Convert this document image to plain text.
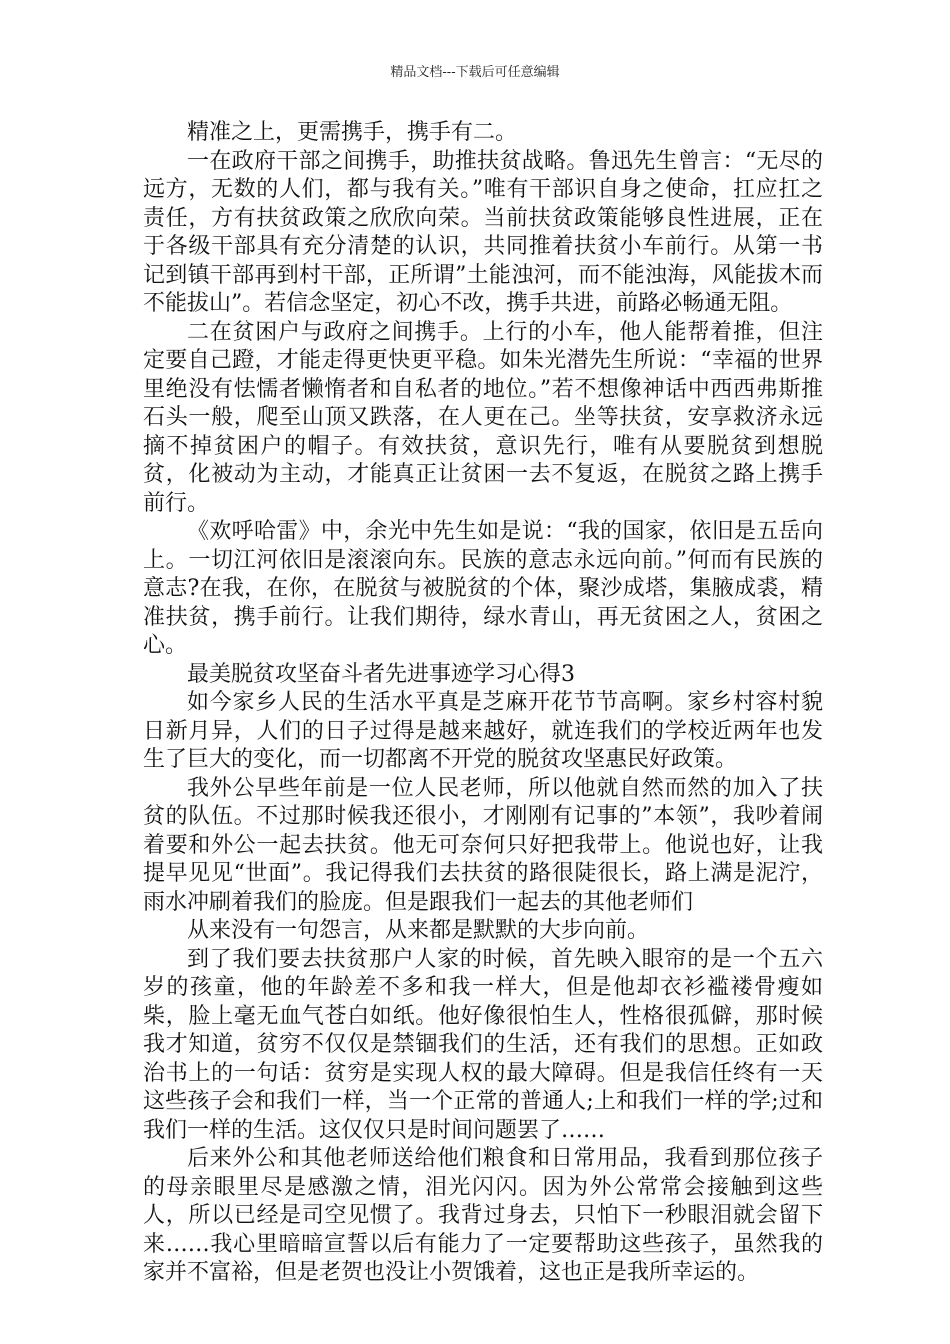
精品文档---下载后可任意编辑

精准之上，更需携手，携手有二。

一在政府干部之间携手，助推扶贫战略。鲁迅先生曾言：“无尽的远方，无数的人们，都与我有关。”唯有干部识自身之使命，扛应扛之责任，方有扶贫政策之欣欣向荣。当前扶贫政策能够良性进展，正在于各级干部具有充分清楚的认识，共同推着扶贫小车前行。从第一书记到镇干部再到村干部，正所谓”土能浊河，而不能浊海，风能拔木而不能拔山”。若信念坚定，初心不改，携手共进，前路必畅通无阻。

二在贫困户与政府之间携手。上行的小车，他人能帮着推，但注定要自己蹬，才能走得更快更平稳。如朱光潜先生所说：“幸福的世界里绝没有怯懦者懒惰者和自私者的地位。”若不想像神话中西西弗斯推石头一般，爬至山顶又跌落，在人更在己。坐等扶贫，安享救济永远摘不掉贫困户的帽子。有效扶贫，意识先行，唯有从要脱贫到想脱贫，化被动为主动，才能真正让贫困一去不复返，在脱贫之路上携手前行。

《欢呼哈雷》中，余光中先生如是说：“我的国家，依旧是五岳向上。一切江河依旧是滚滚向东。民族的意志永远向前。”何而有民族的意志?在我，在你，在脱贫与被脱贫的个体，聚沙成塔，集腋成裘，精准扶贫，携手前行。让我们期待，绿水青山，再无贫困之人，贫困之心。

最美脱贫攻坚奋斗者先进事迹学习心得3

如今家乡人民的生活水平真是芝麻开花节节高啊。家乡村容村貌日新月异，人们的日子过得是越来越好，就连我们的学校近两年也发生了巨大的变化，而一切都离不开党的脱贫攻坚惠民好政策。

我外公早些年前是一位人民老师，所以他就自然而然的加入了扶贫的队伍。不过那时候我还很小，才刚刚有记事的”本领”，我吵着闹着要和外公一起去扶贫。他无可奈何只好把我带上。他说也好，让我提早见见“世面”。我记得我们去扶贫的路很陡很长，路上满是泥泞，雨水冲刷着我们的脸庞。但是跟我们一起去的其他老师们

从来没有一句怨言，从来都是默默的大步向前。

到了我们要去扶贫那户人家的时候，首先映入眼帘的是一个五六岁的孩童，他的年龄差不多和我一样大，但是他却衣衫褴褛骨瘦如柴，脸上毫无血气苍白如纸。他好像很怕生人，性格很孤僻，那时候我才知道，贫穷不仅仅是禁锢我们的生活，还有我们的思想。正如政治书上的一句话：贫穷是实现人权的最大障碍。但是我信任终有一天这些孩子会和我们一样，当一个正常的普通人;上和我们一样的学;过和我们一样的生活。这仅仅只是时间问题罢了……

后来外公和其他老师送给他们粮食和日常用品，我看到那位孩子的母亲眼里尽是感激之情，泪光闪闪。因为外公常常会接触到这些人，所以已经是司空见惯了。我背过身去，只怕下一秒眼泪就会留下来……我心里暗暗宣誓以后有能力了一定要帮助这些孩子，虽然我的家并不富裕，但是老贺也没让小贺饿着，这也正是我所幸运的。
